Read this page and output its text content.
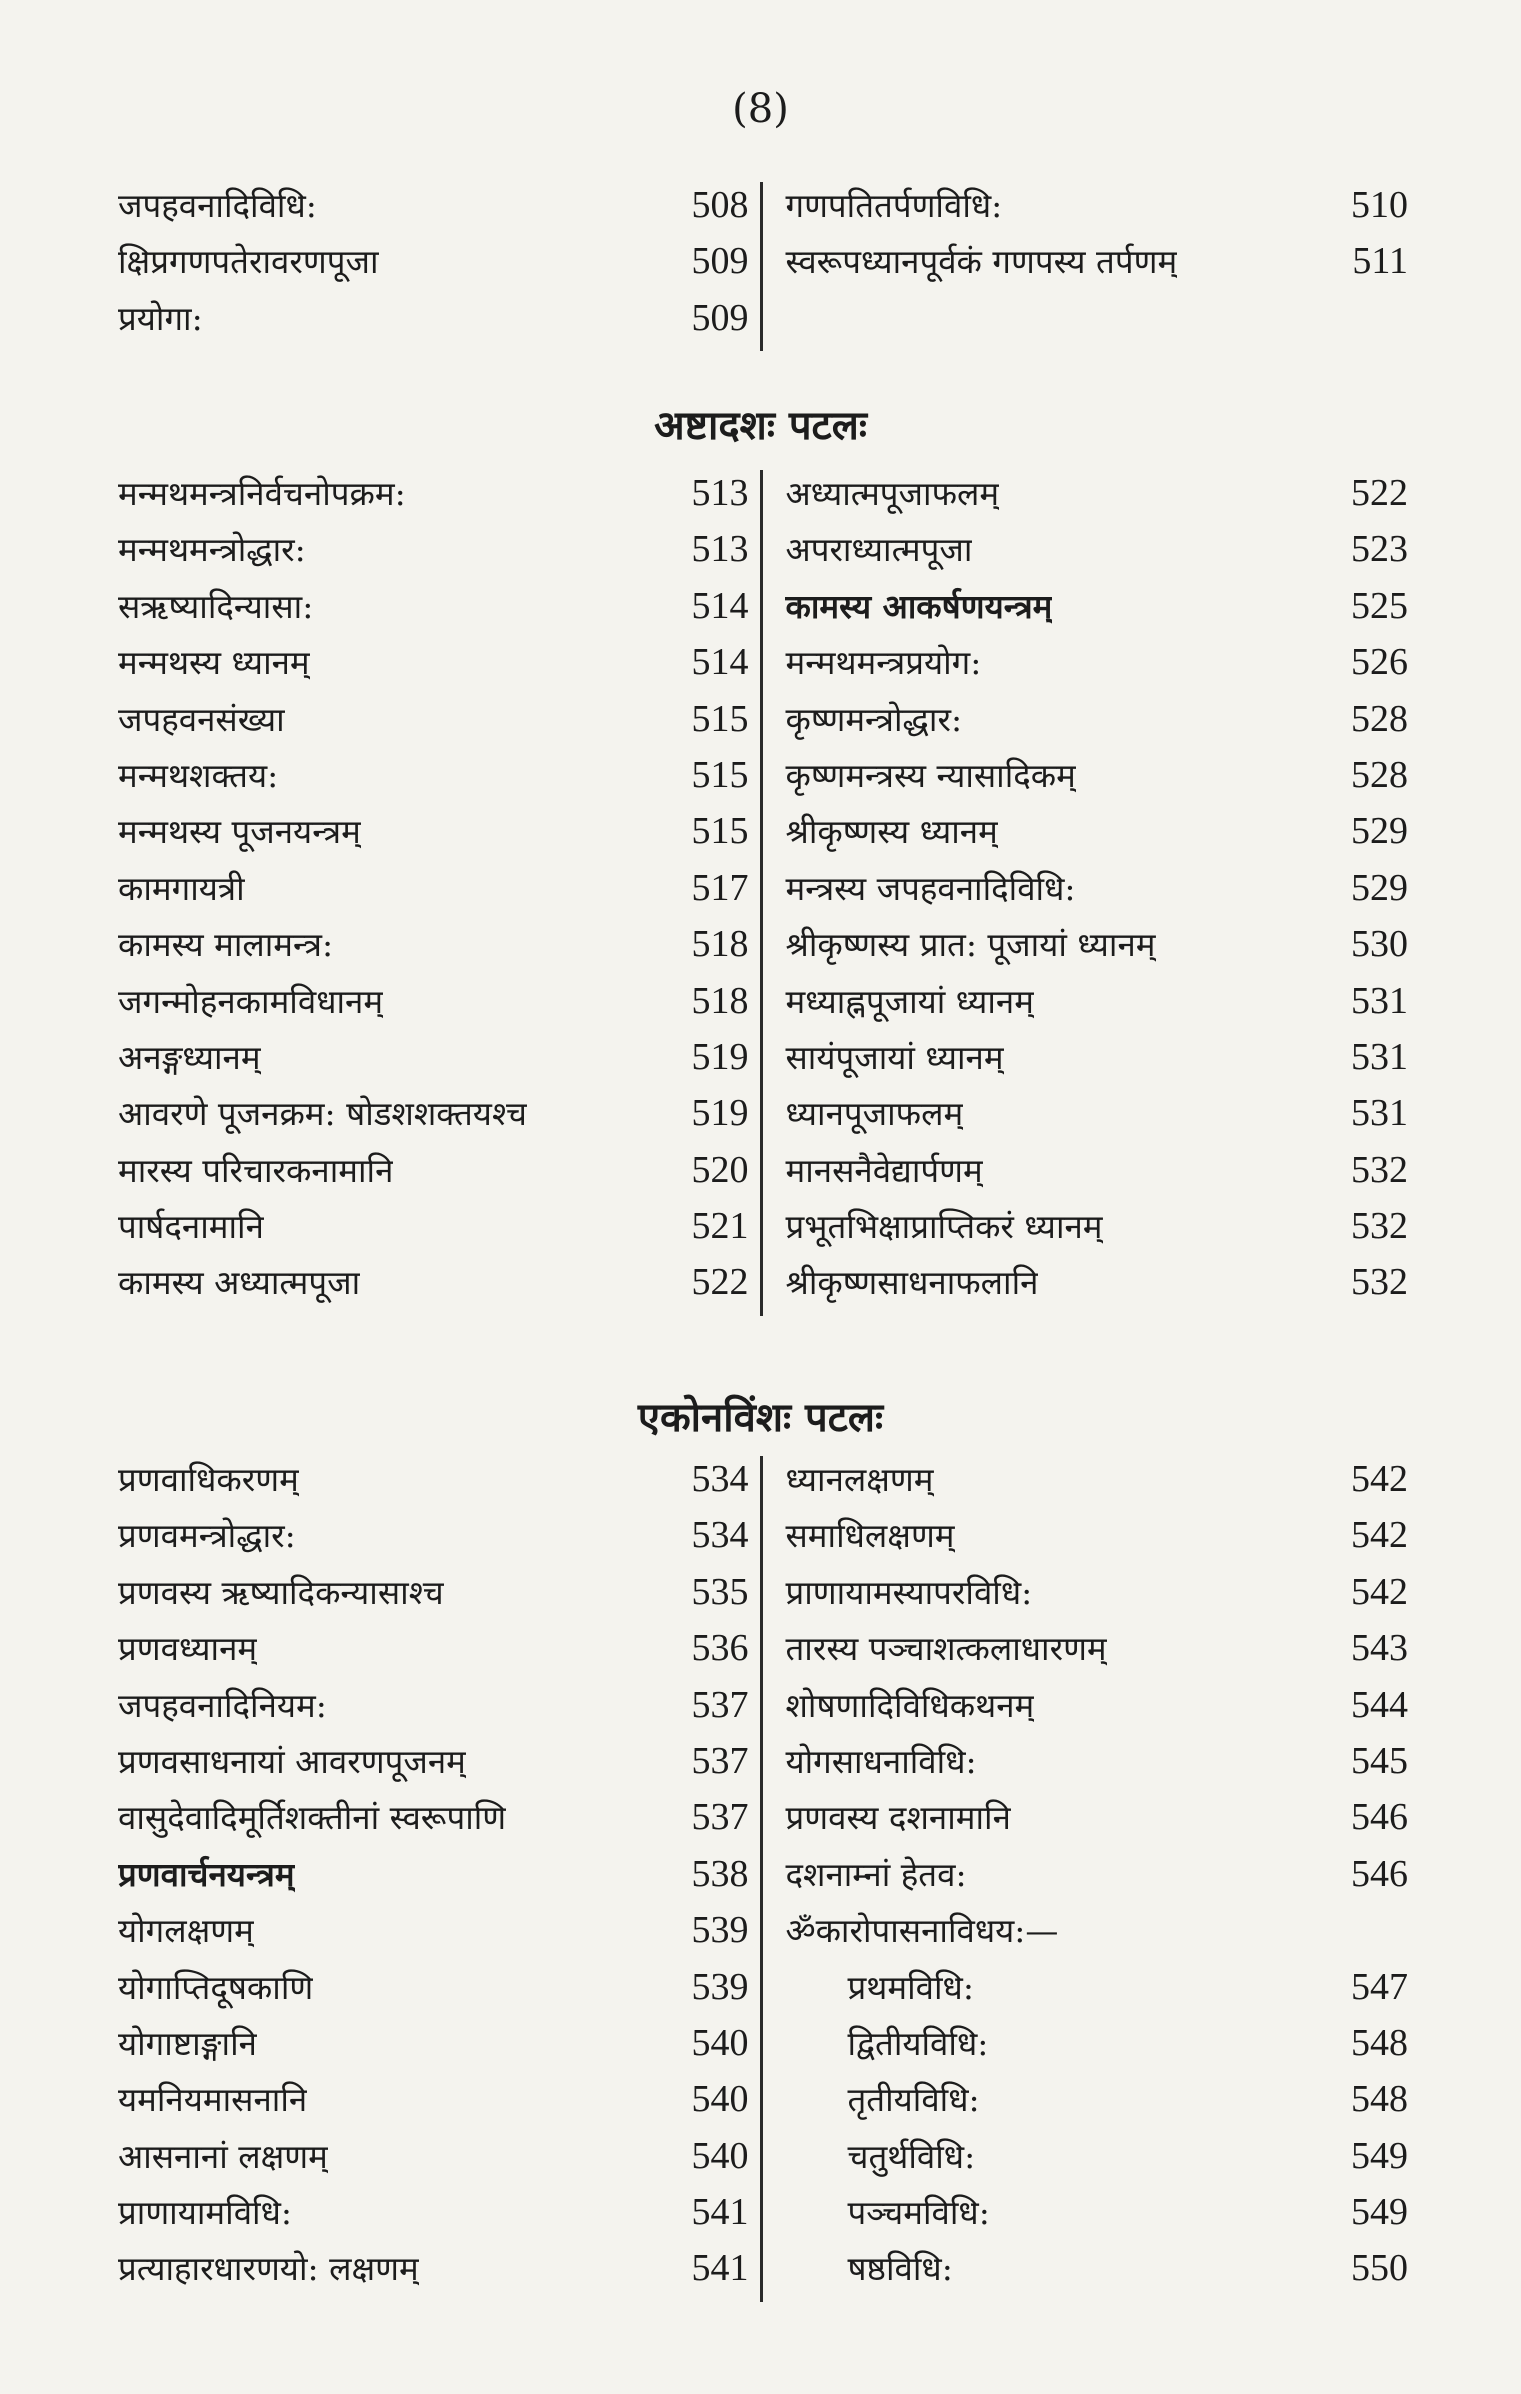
(8)
जपहवनादिविधि:	508
क्षिप्रगणपतेरावरणपूजा	509
प्रयोगा:	509
गणपतितर्पणविधि:	510
स्वरूपध्यानपूर्वकं गणपस्य तर्पणम्	511
अष्टादशः पटलः
मन्मथमन्त्रनिर्वचनोपक्रम:	513
मन्मथमन्त्रोद्धार:	513
सऋष्यादिन्यासा:	514
मन्मथस्य ध्यानम्	514
जपहवनसंख्या	515
मन्मथशक्तय:	515
मन्मथस्य पूजनयन्त्रम्	515
कामगायत्री	517
कामस्य मालामन्त्र:	518
जगन्मोहनकामविधानम्	518
अनङ्गध्यानम्	519
आवरणे पूजनक्रम: षोडशशक्तयश्च	519
मारस्य परिचारकनामानि	520
पार्षदनामानि	521
कामस्य अध्यात्मपूजा	522
अध्यात्मपूजाफलम्	522
अपराध्यात्मपूजा	523
कामस्य आकर्षणयन्त्रम्	525
मन्मथमन्त्रप्रयोग:	526
कृष्णमन्त्रोद्धार:	528
कृष्णमन्त्रस्य न्यासादिकम्	528
श्रीकृष्णस्य ध्यानम्	529
मन्त्रस्य जपहवनादिविधि:	529
श्रीकृष्णस्य प्रात: पूजायां ध्यानम्	530
मध्याह्नपूजायां ध्यानम्	531
सायंपूजायां ध्यानम्	531
ध्यानपूजाफलम्	531
मानसनैवेद्यार्पणम्	532
प्रभूतभिक्षाप्राप्तिकरं ध्यानम्	532
श्रीकृष्णसाधनाफलानि	532
एकोनविंशः पटलः
प्रणवाधिकरणम्	534
प्रणवमन्त्रोद्धार:	534
प्रणवस्य ऋष्यादिकन्यासाश्च	535
प्रणवध्यानम्	536
जपहवनादिनियम:	537
प्रणवसाधनायां आवरणपूजनम्	537
वासुदेवादिमूर्तिशक्तीनां स्वरूपाणि	537
प्रणवार्चनयन्त्रम्	538
योगलक्षणम्	539
योगाप्तिदूषकाणि	539
योगाष्टाङ्गानि	540
यमनियमासनानि	540
आसनानां लक्षणम्	540
प्राणायामविधि:	541
प्रत्याहारधारणयो: लक्षणम्	541
ध्यानलक्षणम्	542
समाधिलक्षणम्	542
प्राणायामस्यापरविधि:	542
तारस्य पञ्चाशत्कलाधारणम्	543
शोषणादिविधिकथनम्	544
योगसाधनाविधि:	545
प्रणवस्य दशनामानि	546
दशनाम्नां हेतव:	546
ॐकारोपासनाविधय:—
प्रथमविधि:	547
द्वितीयविधि:	548
तृतीयविधि:	548
चतुर्थविधि:	549
पञ्चमविधि:	549
षष्ठविधि:	550
